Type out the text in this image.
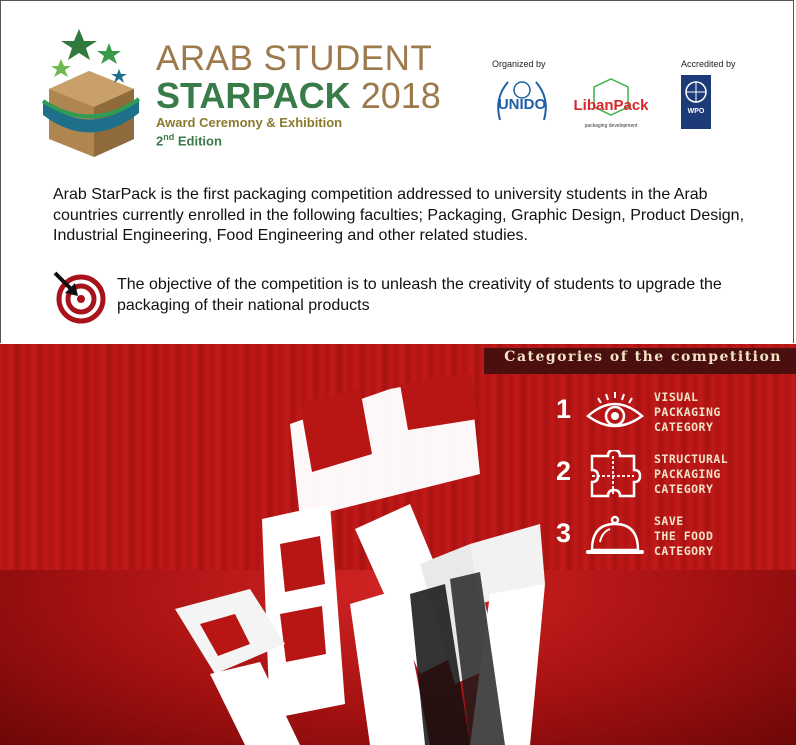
ARAB STUDENT
STARPACK 2018
Award Ceremony & Exhibition
2nd Edition
Organized by	Accredited by
UNIDO LibanPack
packaging development
WPO
Arab StarPack is the first packaging competition addressed to university students in the Arab countries currently enrolled in the following faculties; Packaging, Graphic Design, Product Design, Industrial Engineering, Food Engineering and other related studies.
The objective of the competition is to unleash the creativity of students to upgrade the packaging of their national products
Categories of the competition
1	VISUAL
PACKAGING
CATEGORY
2	STRUCTURAL
PACKAGING
CATEGORY
3	SAVE
THE FOOD
CATEGORY
